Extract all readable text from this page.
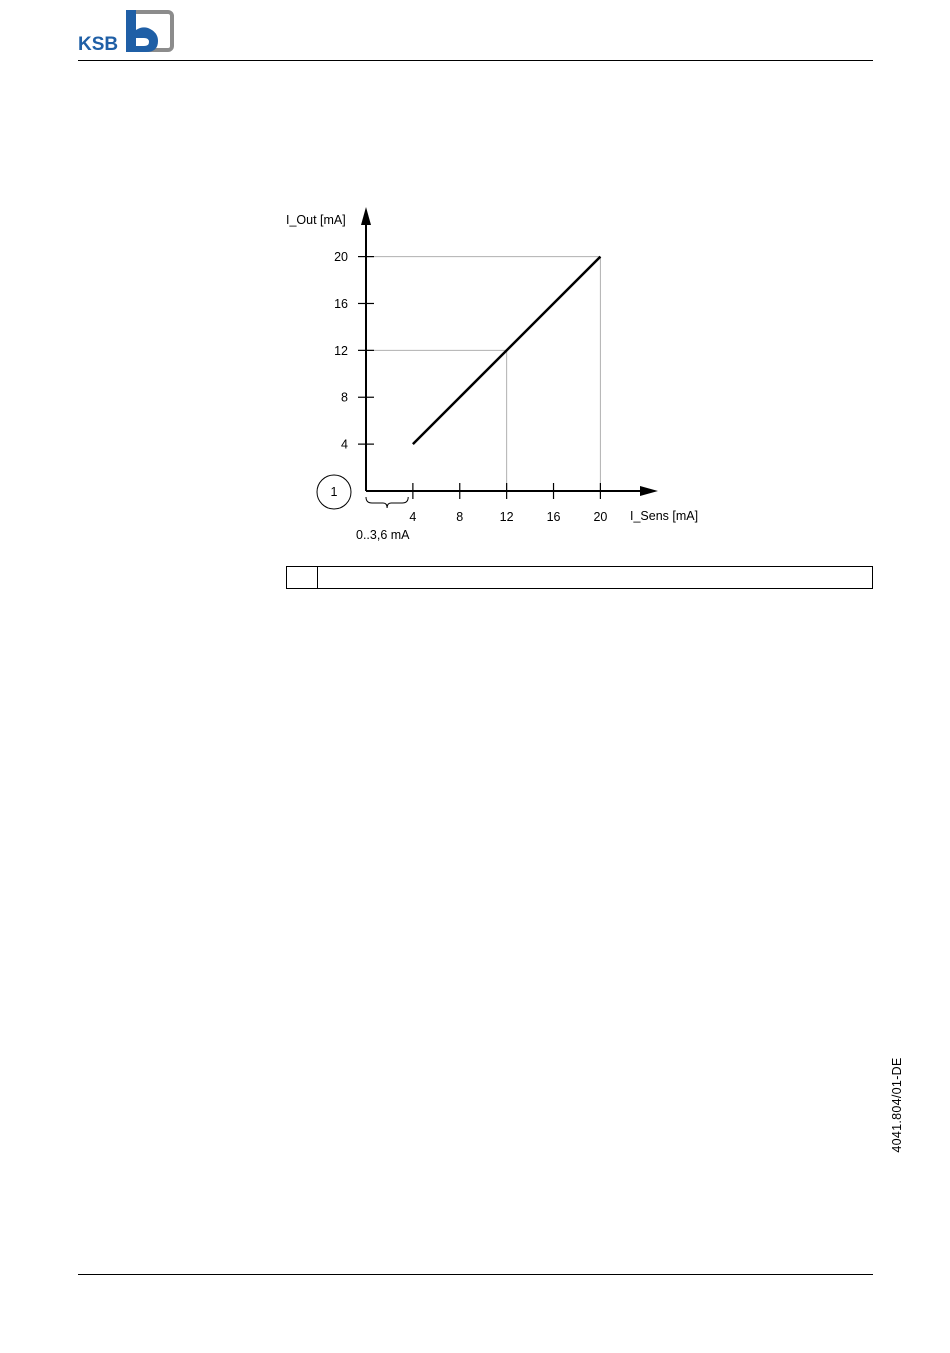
KSB
4	8	12	16	20
4
8
12
16
20
I_Out [mA]
I_Sens [mA]
1
0..3,6 mA
4041.804/01-DE
